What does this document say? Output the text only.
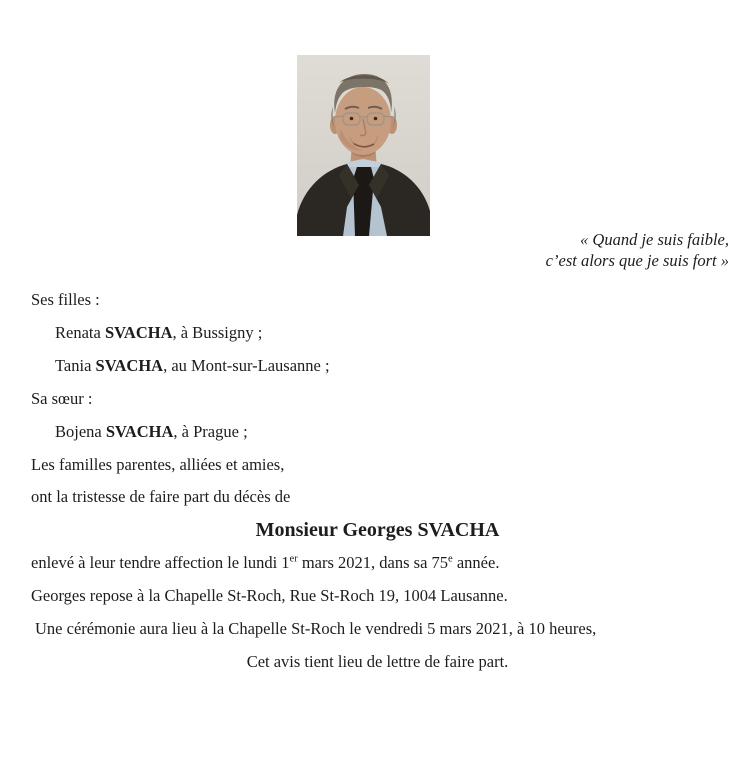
« Quand je suis faible,
c’est alors que je suis fort »

Ses filles :

Renata SVACHA, à Bussigny ;

Tania SVACHA, au Mont-sur-Lausanne ;

Sa sœur :

Bojena SVACHA, à Prague ;

Les familles parentes, alliées et amies,

ont la tristesse de faire part du décès de

Monsieur Georges SVACHA

enlevé à leur tendre affection le lundi 1er mars 2021, dans sa 75e année.

Georges repose à la Chapelle St-Roch, Rue St-Roch 19, 1004 Lausanne.

Une cérémonie aura lieu à la Chapelle St-Roch le vendredi 5 mars 2021, à 10 heures,

Cet avis tient lieu de lettre de faire part.
